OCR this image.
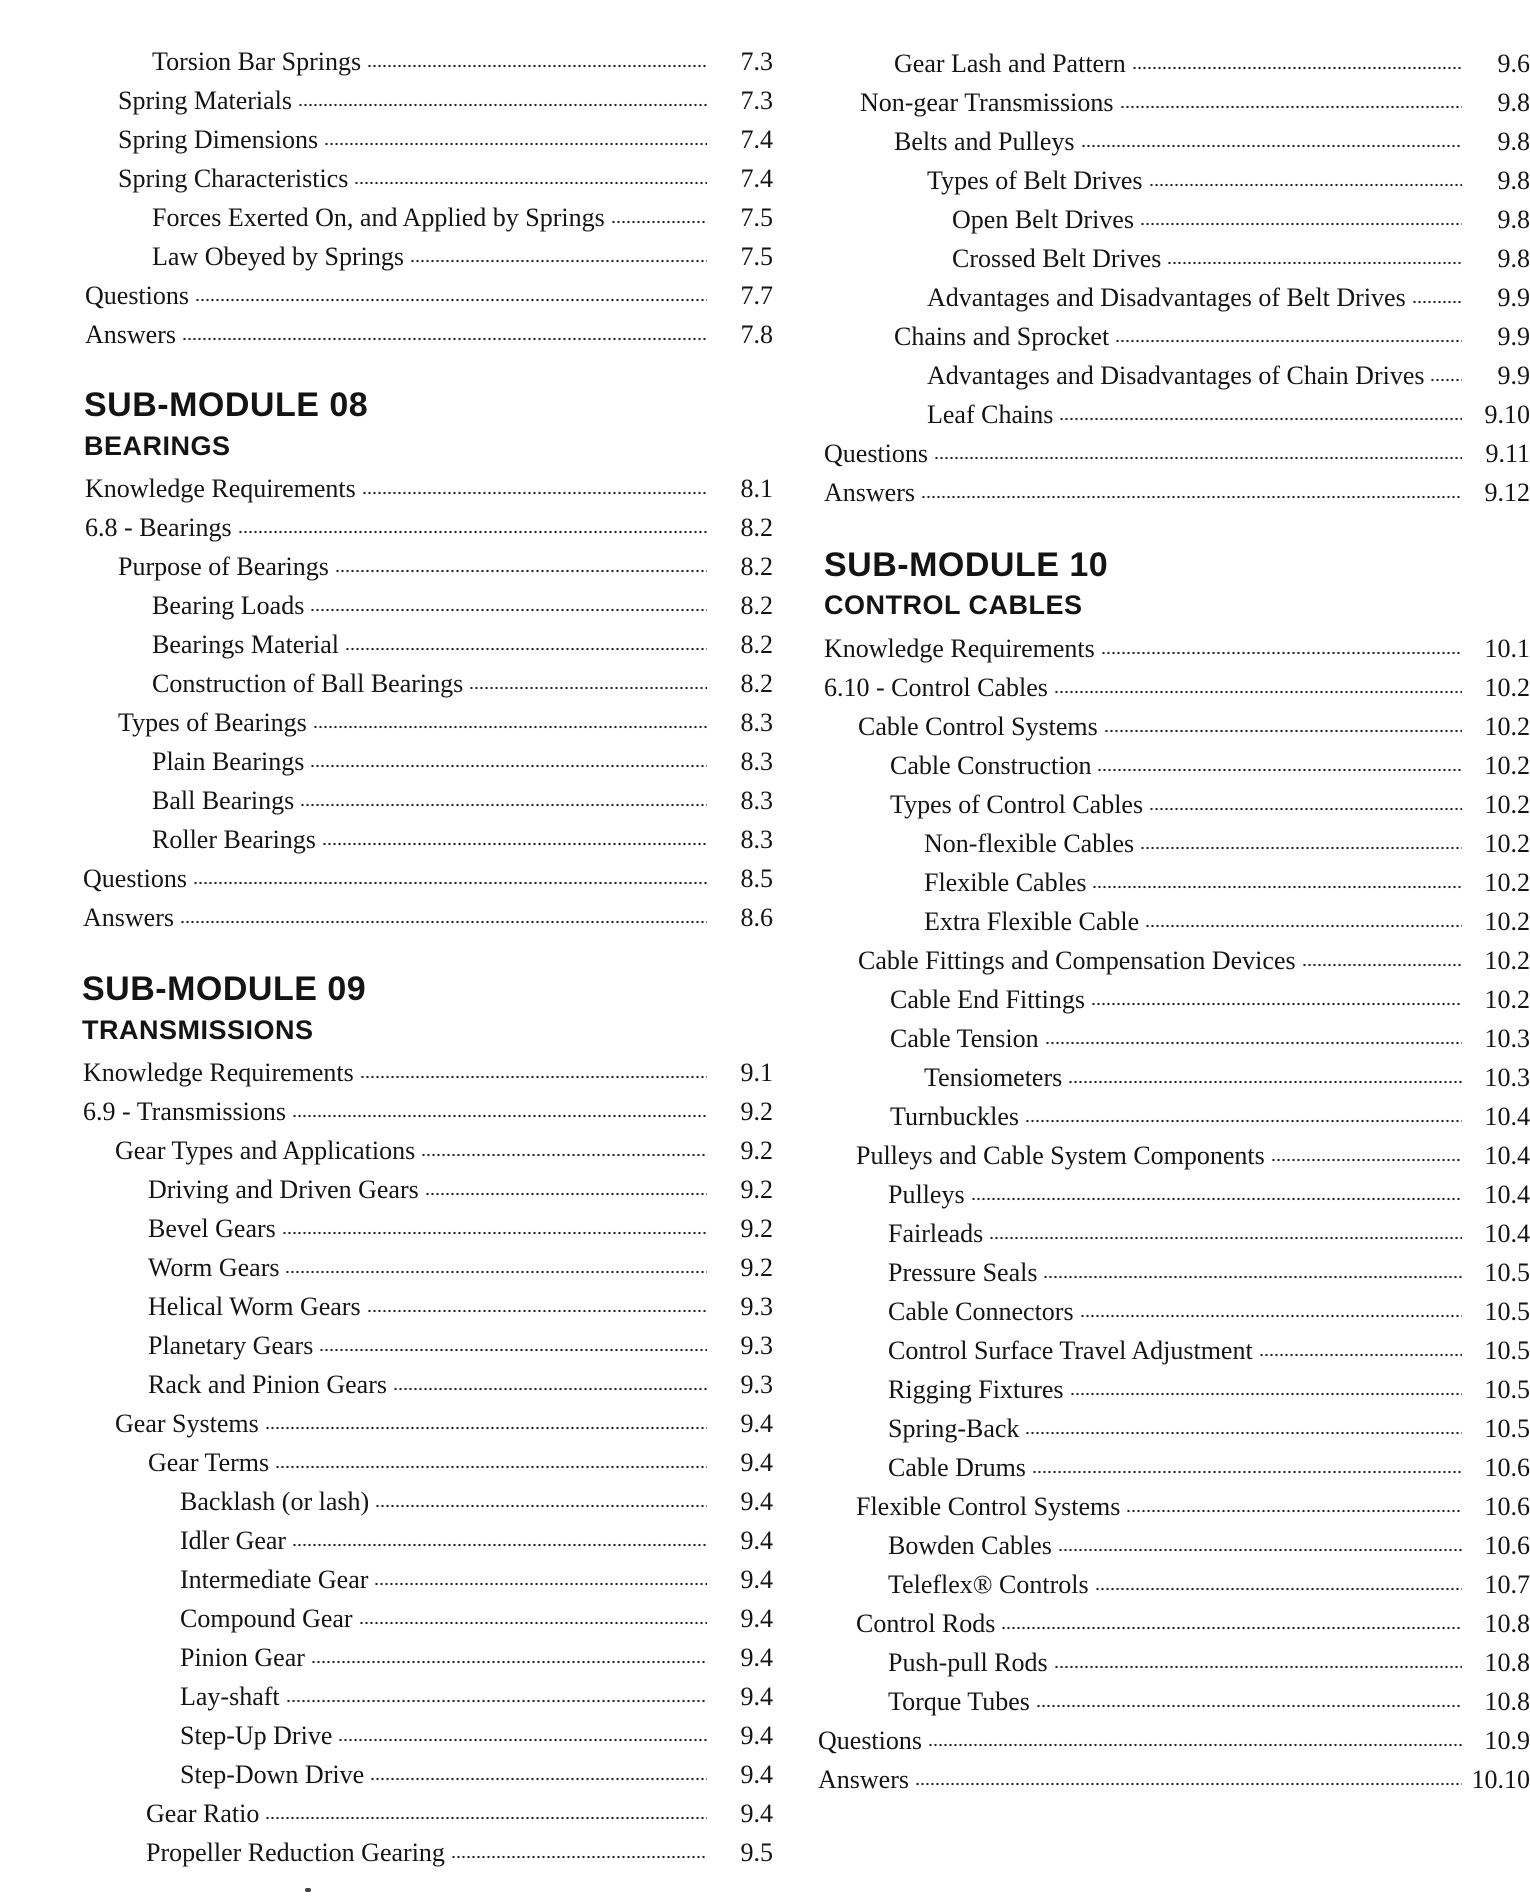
Torsion Bar Springs	7.3
Spring Materials	7.3
Spring Dimensions	7.4
Spring Characteristics	7.4
Forces Exerted On, and Applied by Springs	7.5
Law Obeyed by Springs	7.5
Questions	7.7
Answers	7.8
SUB-MODULE 08
BEARINGS
Knowledge Requirements	8.1
6.8 - Bearings	8.2
Purpose of Bearings	8.2
Bearing Loads	8.2
Bearings Material	8.2
Construction of Ball Bearings	8.2
Types of Bearings	8.3
Plain Bearings	8.3
Ball Bearings	8.3
Roller Bearings	8.3
Questions	8.5
Answers	8.6
SUB-MODULE 09
TRANSMISSIONS
Knowledge Requirements	9.1
6.9 - Transmissions	9.2
Gear Types and Applications	9.2
Driving and Driven Gears	9.2
Bevel Gears	9.2
Worm Gears	9.2
Helical Worm Gears	9.3
Planetary Gears	9.3
Rack and Pinion Gears	9.3
Gear Systems	9.4
Gear Terms	9.4
Backlash (or lash)	9.4
Idler Gear	9.4
Intermediate Gear	9.4
Compound Gear	9.4
Pinion Gear	9.4
Lay-shaft	9.4
Step-Up Drive	9.4
Step-Down Drive	9.4
Gear Ratio	9.4
Propeller Reduction Gearing	9.5
Gear Lash and Pattern	9.6
Non-gear Transmissions	9.8
Belts and Pulleys	9.8
Types of Belt Drives	9.8
Open Belt Drives	9.8
Crossed Belt Drives	9.8
Advantages and Disadvantages of Belt Drives	9.9
Chains and Sprocket	9.9
Advantages and Disadvantages of Chain Drives	9.9
Leaf Chains	9.10
Questions	9.11
Answers	9.12
SUB-MODULE 10
CONTROL CABLES
Knowledge Requirements	10.1
6.10 - Control Cables	10.2
Cable Control Systems	10.2
Cable Construction	10.2
Types of Control Cables	10.2
Non-flexible Cables	10.2
Flexible Cables	10.2
Extra Flexible Cable	10.2
Cable Fittings and Compensation Devices	10.2
Cable End Fittings	10.2
Cable Tension	10.3
Tensiometers	10.3
Turnbuckles	10.4
Pulleys and Cable System Components	10.4
Pulleys	10.4
Fairleads	10.4
Pressure Seals	10.5
Cable Connectors	10.5
Control Surface Travel Adjustment	10.5
Rigging Fixtures	10.5
Spring-Back	10.5
Cable Drums	10.6
Flexible Control Systems	10.6
Bowden Cables	10.6
Teleflex® Controls	10.7
Control Rods	10.8
Push-pull Rods	10.8
Torque Tubes	10.8
Questions	10.9
Answers	10.10
